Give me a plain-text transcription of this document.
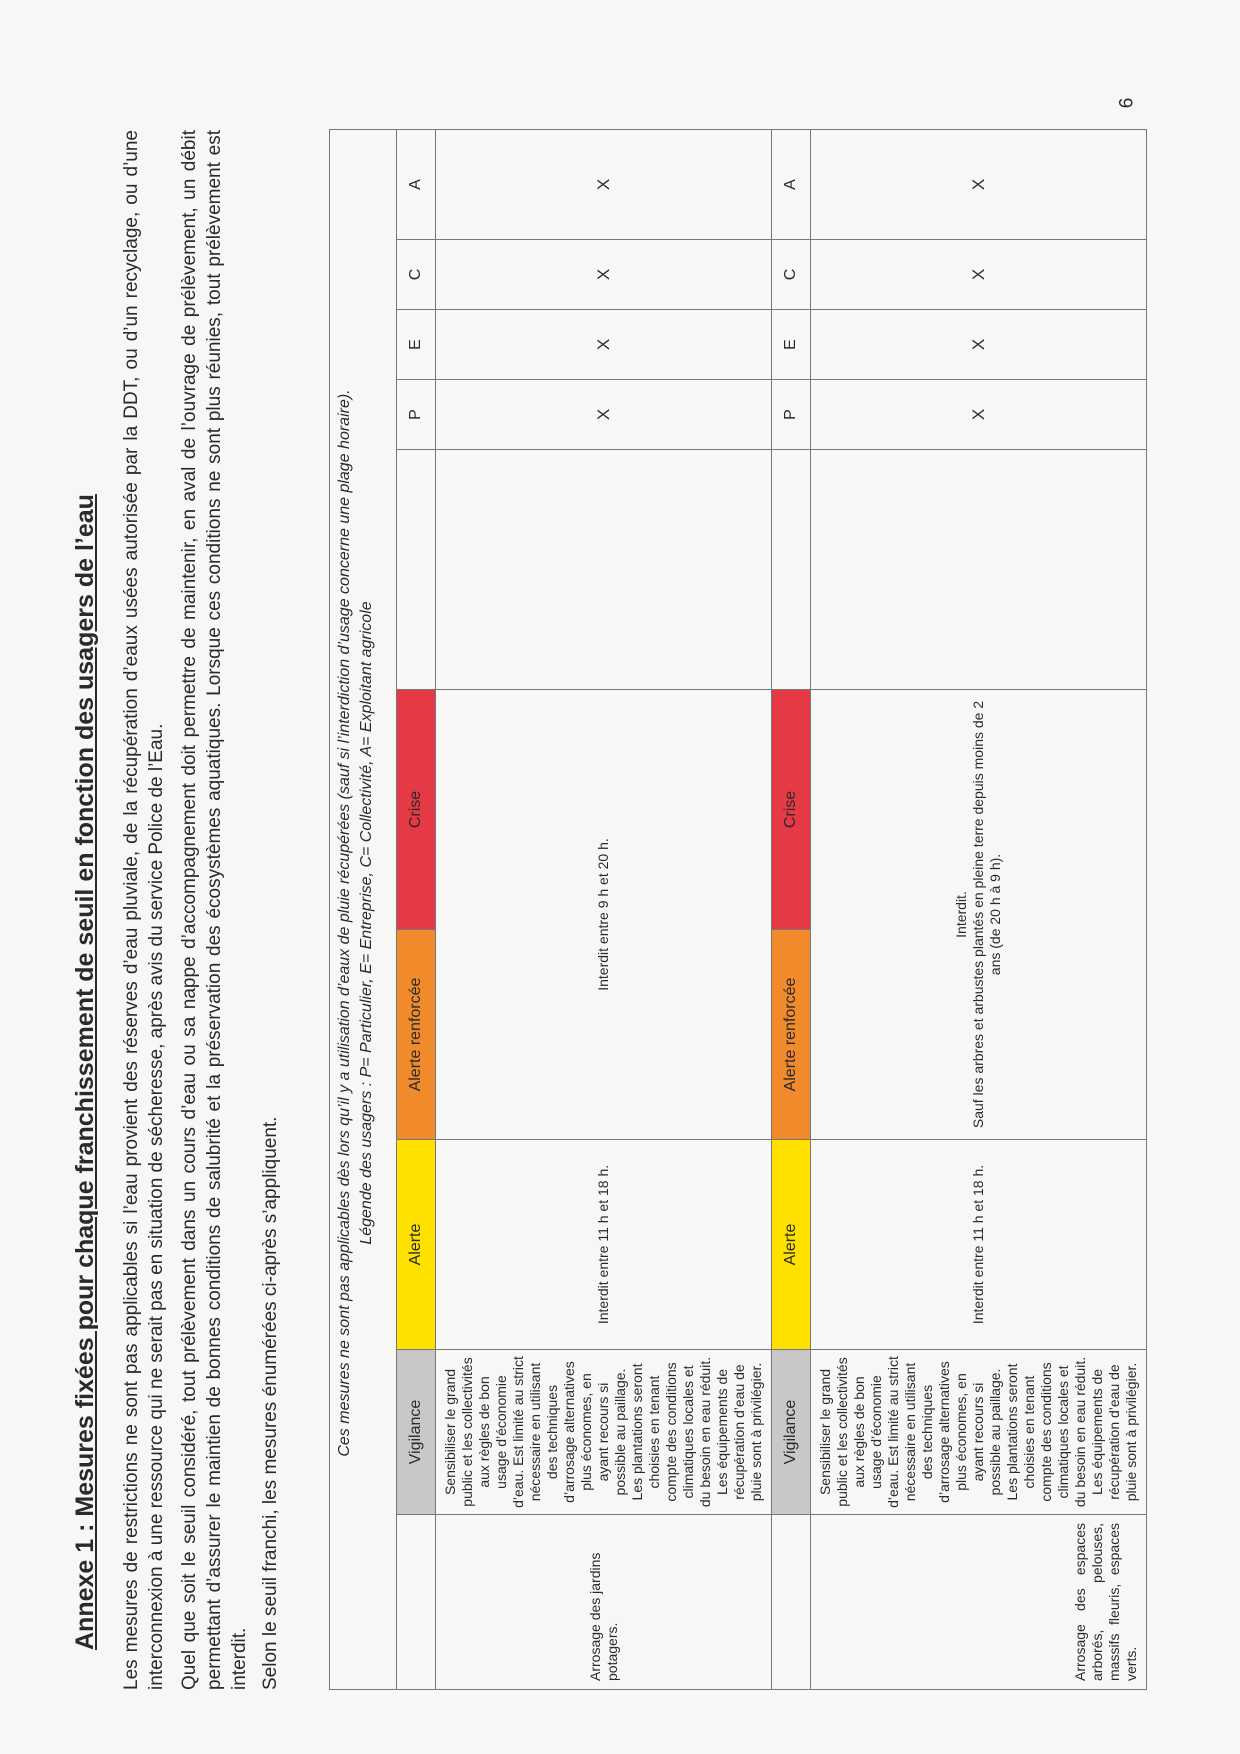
6
Annexe 1 : Mesures fixées pour chaque franchissement de seuil en fonction des usagers de l’eau Les mesures de restrictions ne sont pas applicables si l’eau provient des réserves d’eau pluviale, de la récupération d’eaux usées autorisée par la DDT, ou d’un recyclage, ou d’une interconnexion à une ressource qui ne serait pas en situation de sécheresse, après avis du service Police de l’Eau. Quel que soit le seuil considéré, tout prélèvement dans un cours d’eau ou sa nappe d’accompagnement doit permettre de maintenir, en aval de l’ouvrage de prélèvement, un débit permettant d’assurer le maintien de bonnes conditions de salubrité et la préservation des écosystèmes aquatiques. Lorsque ces conditions ne sont plus réunies, tout prélèvement est interdit. Selon le seuil franchi, les mesures énumérées ci-après s’appliquent.	Ces mesures ne sont pas applicables dès lors qu’il y a utilisation d’eaux de pluie récupérées (sauf si l’interdiction d’usage concerne une plage horaire). Légende des usagers : P= Particulier, E= Entreprise, C= Collectivité, A= Exploitant agricole									

	Vigilance	Alerte	Alerte renforcée	Crise		P	E	C	A
Arrosage des jardins potagers.	Sensibiliser le grand public et les collectivités aux règles de bon usage d’économie d’eau. Est limité au strict nécessaire en utilisant des techniques d’arrosage alternatives plus économes, en ayant recours si possible au paillage. Les plantations seront choisies en tenant compte des conditions climatiques locales et du besoin en eau réduit. Les équipements de récupération d’eau de pluie sont à privilégier.	Interdit entre 11 h et 18 h.	Interdit entre 9 h et 20 h.			X	X	X	X
	Vigilance	Alerte	Alerte renforcée	Crise		P	E	C	A
Arrosage des espaces arborés, pelouses, massifs fleuris, espaces verts.	Sensibiliser le grand public et les collectivités aux règles de bon usage d’économie d’eau. Est limité au strict nécessaire en utilisant des techniques d’arrosage alternatives plus économes, en ayant recours si possible au paillage. Les plantations seront choisies en tenant compte des conditions climatiques locales et du besoin en eau réduit. Les équipements de récupération d’eau de pluie sont à privilégier.	Interdit entre 11 h et 18 h.	Interdit. Sauf les arbres et arbustes plantés en pleine terre depuis moins de 2 ans (de 20 h à 9 h).			X	X	X	X
